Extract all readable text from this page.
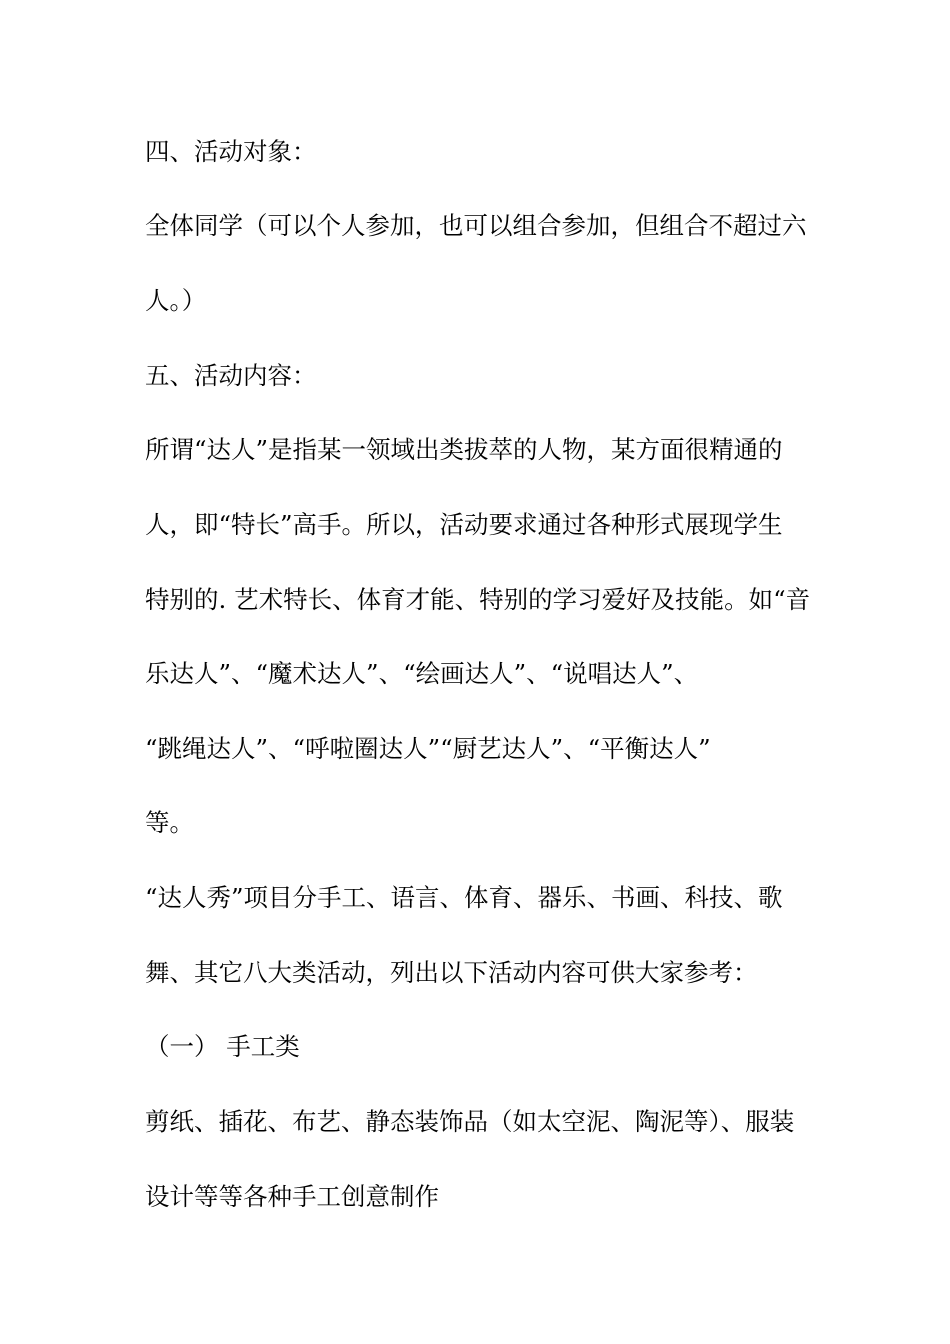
四、活动对象：
全体同学（可以个人参加，也可以组合参加，但组合不超过六
人。）
五、活动内容：
所谓“达人”是指某一领域出类拔萃的人物，某方面很精通的
人，即“特长”高手。所以，活动要求通过各种形式展现学生
特别的. 艺术特长、体育才能、特别的学习爱好及技能。如“音
乐达人”、“魔术达人”、“绘画达人”、“说唱达人”、
“跳绳达人”、“呼啦圈达人”“厨艺达人”、“平衡达人”
等。
“达人秀”项目分手工、语言、体育、器乐、书画、科技、歌
舞、其它八大类活动，列出以下活动内容可供大家参考：
（一） 手工类
剪纸、插花、布艺、静态装饰品（如太空泥、陶泥等）、服装
设计等等各种手工创意制作
